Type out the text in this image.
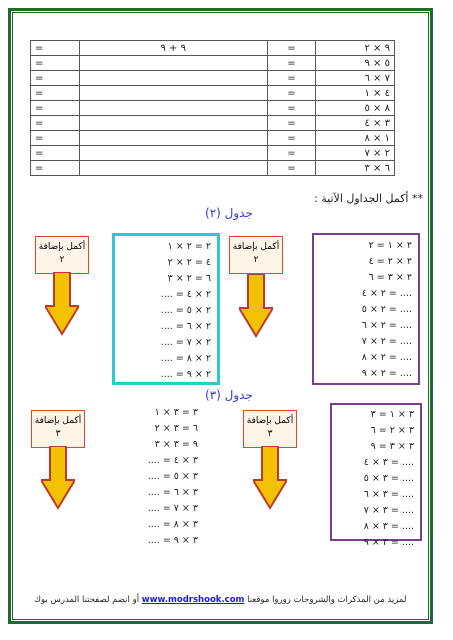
=	٩ + ٩	=	٩ × ٢
=		=	٥ × ٩
=		=	٧ × ٦
=		=	٤ × ١
=		=	٨ × ٥
=		=	٣ × ٤
=		=	١ × ٨
=		=	٢ × ٧
=		=	٦ × ٣
** أكمل الجداول الآتية :
جدول (٢)
٢ × ١ = ٢
٢ × ٢ = ٤
٢ × ٣ = ٦
٢ × ٤ = ....
٢ × ٥ = ....
٢ × ٦ = ....
٢ × ٧ = ....
٢ × ٨ = ....
٢ × ٩ = ....
أكمل بإضافة
٢
٢ = ٢ × ١
٤ = ٢ × ٢
٦ = ٢ × ٣
.... = ٢ × ٤
.... = ٢ × ٥
.... = ٢ × ٦
.... = ٢ × ٧
.... = ٢ × ٨
.... = ٢ × ٩
أكمل بإضافة
٢
جدول (٣)
٣ × ١ = ٣
٣ × ٢ = ٦
٣ × ٣ = ٩
٣ × ٤ = ....
٣ × ٥ = ....
٣ × ٦ = ....
٣ × ٧ = ....
٣ × ٨ = ....
٣ × ٩ = ....
أكمل بإضافة
٣
٣ = ٣ × ١
٦ = ٣ × ٢
٩ = ٣ × ٣
.... = ٣ × ٤
.... = ٣ × ٥
.... = ٣ × ٦
.... = ٣ × ٧
.... = ٣ × ٨
.... = ٣ × ٩
أكمل بإضافة
٣
لمزيد من المذكرات والشروحات زوروا موقعنا www.modrshook.com أو انضم لصفحتنا المدرس بوك
